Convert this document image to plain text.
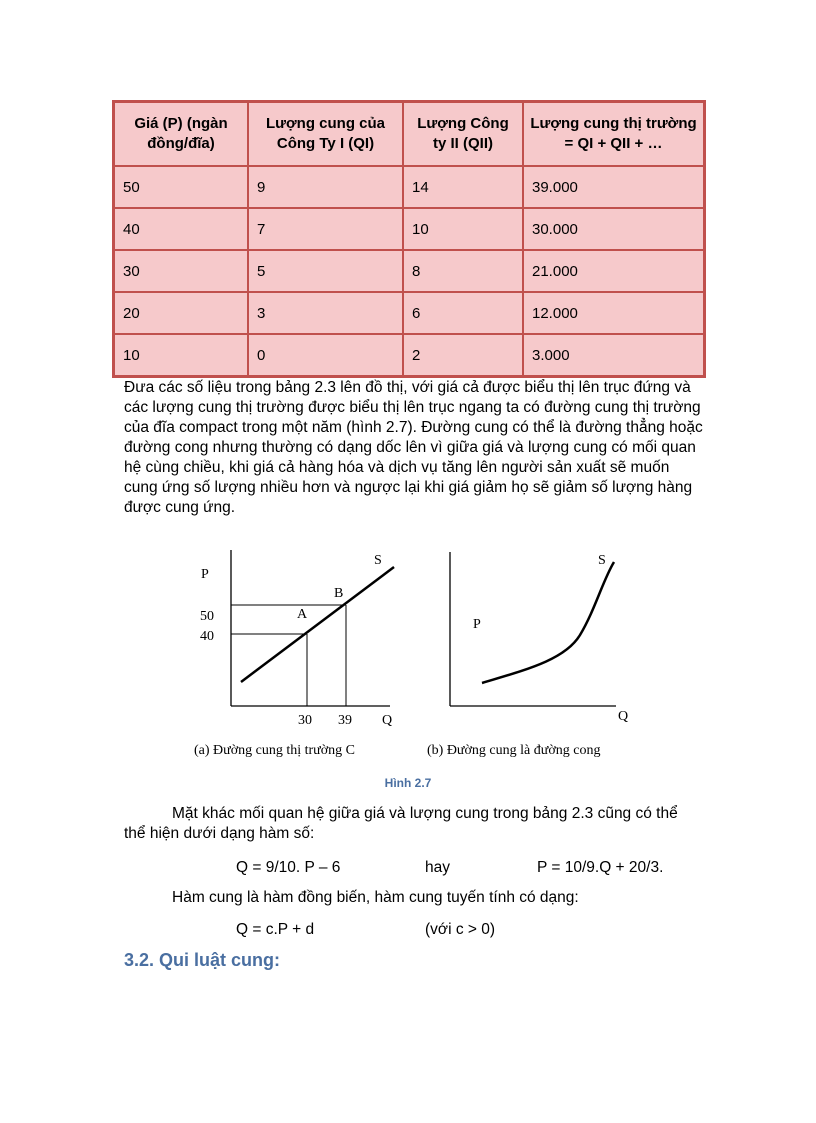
Giá (P) (ngàn đồng/đĩa)	Lượng cung của Công Ty I (QI)	Lượng Công ty II (QII)	Lượng cung thị trường = QI + QII + …
50	9	14	39.000
40	7	10	30.000
30	5	8	21.000
20	3	6	12.000
10	0	2	3.000
Đưa các số liệu trong bảng 2.3 lên đồ thị, với giá cả được biểu thị lên trục đứng và các lượng cung thị trường được biểu thị lên trục ngang ta có đường cung thị trường của đĩa compact trong một năm (hình 2.7). Đường cung có thể là đường thẳng hoặc đường cong nhưng thường có dạng dốc lên vì giữa giá và lượng cung có mối quan hệ cùng chiều, khi giá cả hàng hóa và dịch vụ tăng lên người sản xuất sẽ muốn cung ứng số lượng nhiều hơn và ngược lại khi giá giảm họ sẽ giảm số lượng hàng được cung ứng.
P
S
B
A
50
40
30 39 Q
(a) Đường cung thị trường C
S
P
Q
(b) Đường cung là đường cong
Hình 2.7
Mặt khác mối quan hệ giữa giá và lượng cung trong bảng 2.3 cũng có thể thể hiện dưới dạng hàm số:
Q = 9/10. P – 6	hay	P = 10/9.Q + 20/3.
Hàm cung là hàm đồng biến, hàm cung tuyến tính có dạng:
Q = c.P + d	(với c > 0)
3.2. Qui luật cung:
